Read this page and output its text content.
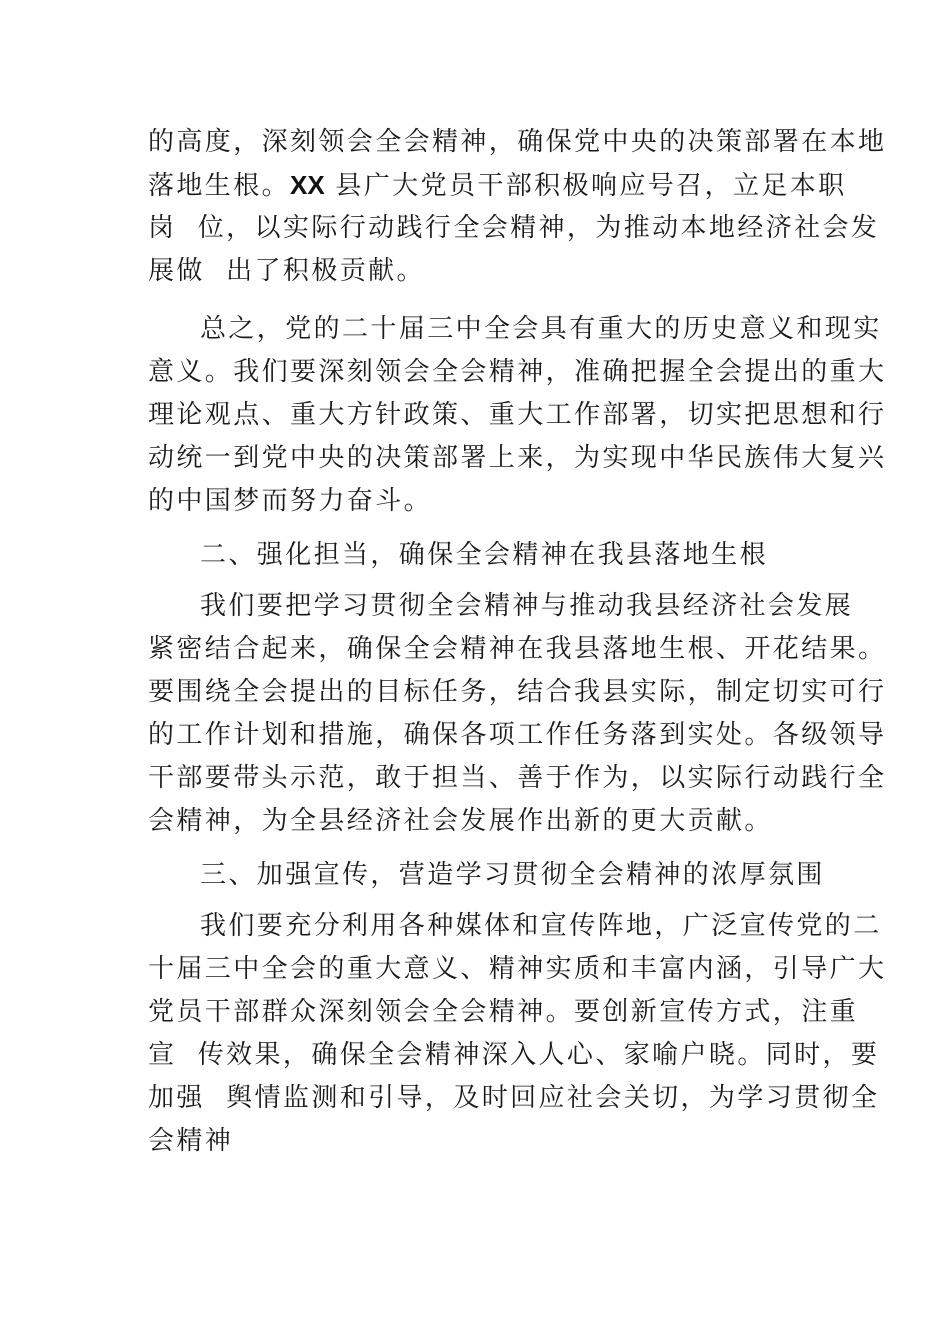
的高度，深刻领会全会精神，确保党中央的决策部署在本地
落地生根。XX 县广大党员干部积极响应号召，立足本职
岗  位，以实际行动践行全会精神，为推动本地经济社会发
展做  出了积极贡献。
总之，党的二十届三中全会具有重大的历史意义和现实
意义。我们要深刻领会全会精神，准确把握全会提出的重大
理论观点、重大方针政策、重大工作部署，切实把思想和行
动统一到党中央的决策部署上来，为实现中华民族伟大复兴
的中国梦而努力奋斗。
二、强化担当，确保全会精神在我县落地生根
我们要把学习贯彻全会精神与推动我县经济社会发展
紧密结合起来，确保全会精神在我县落地生根、开花结果。
要围绕全会提出的目标任务，结合我县实际，制定切实可行
的工作计划和措施，确保各项工作任务落到实处。各级领导
干部要带头示范，敢于担当、善于作为，以实际行动践行全
会精神，为全县经济社会发展作出新的更大贡献。
三、加强宣传，营造学习贯彻全会精神的浓厚氛围
我们要充分利用各种媒体和宣传阵地，广泛宣传党的二
十届三中全会的重大意义、精神实质和丰富内涵，引导广大
党员干部群众深刻领会全会精神。要创新宣传方式，注重
宣  传效果，确保全会精神深入人心、家喻户晓。同时，要
加强  舆情监测和引导，及时回应社会关切，为学习贯彻全
会精神
